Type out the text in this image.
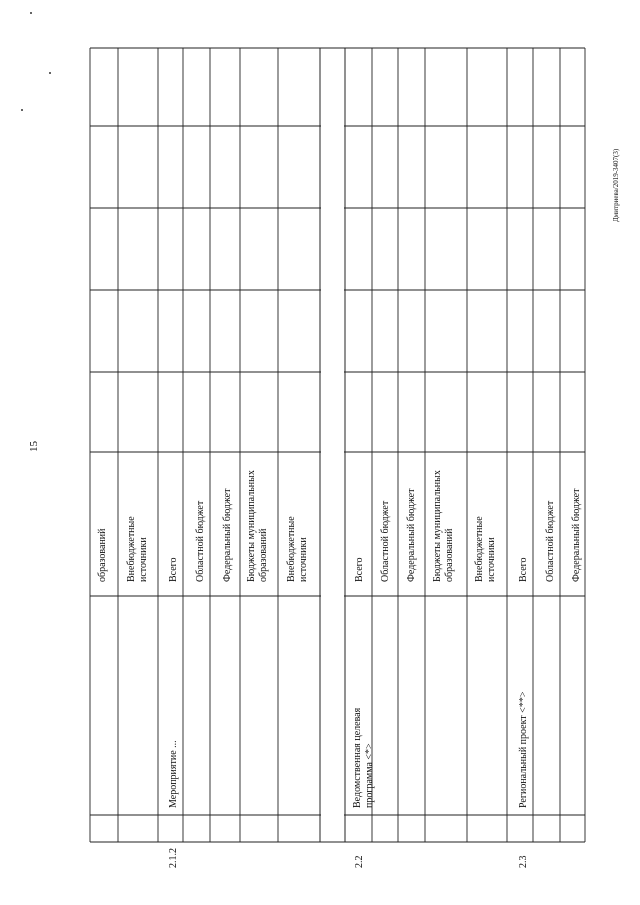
15
Дмитриева/2019-3407(3)
образований Внебюджетные источники
2.1.2
Мероприятие ...
Всего Областной бюджет Федеральный бюджет Бюджеты муниципальных образований Внебюджетные источники
2.2
Ведомственная целевая программа <*>
Всего Областной бюджет Федеральный бюджет Бюджеты муниципальных образований Внебюджетные источники
2.3
Региональный проект <**>
Всего Областной бюджет Федеральный бюджет
